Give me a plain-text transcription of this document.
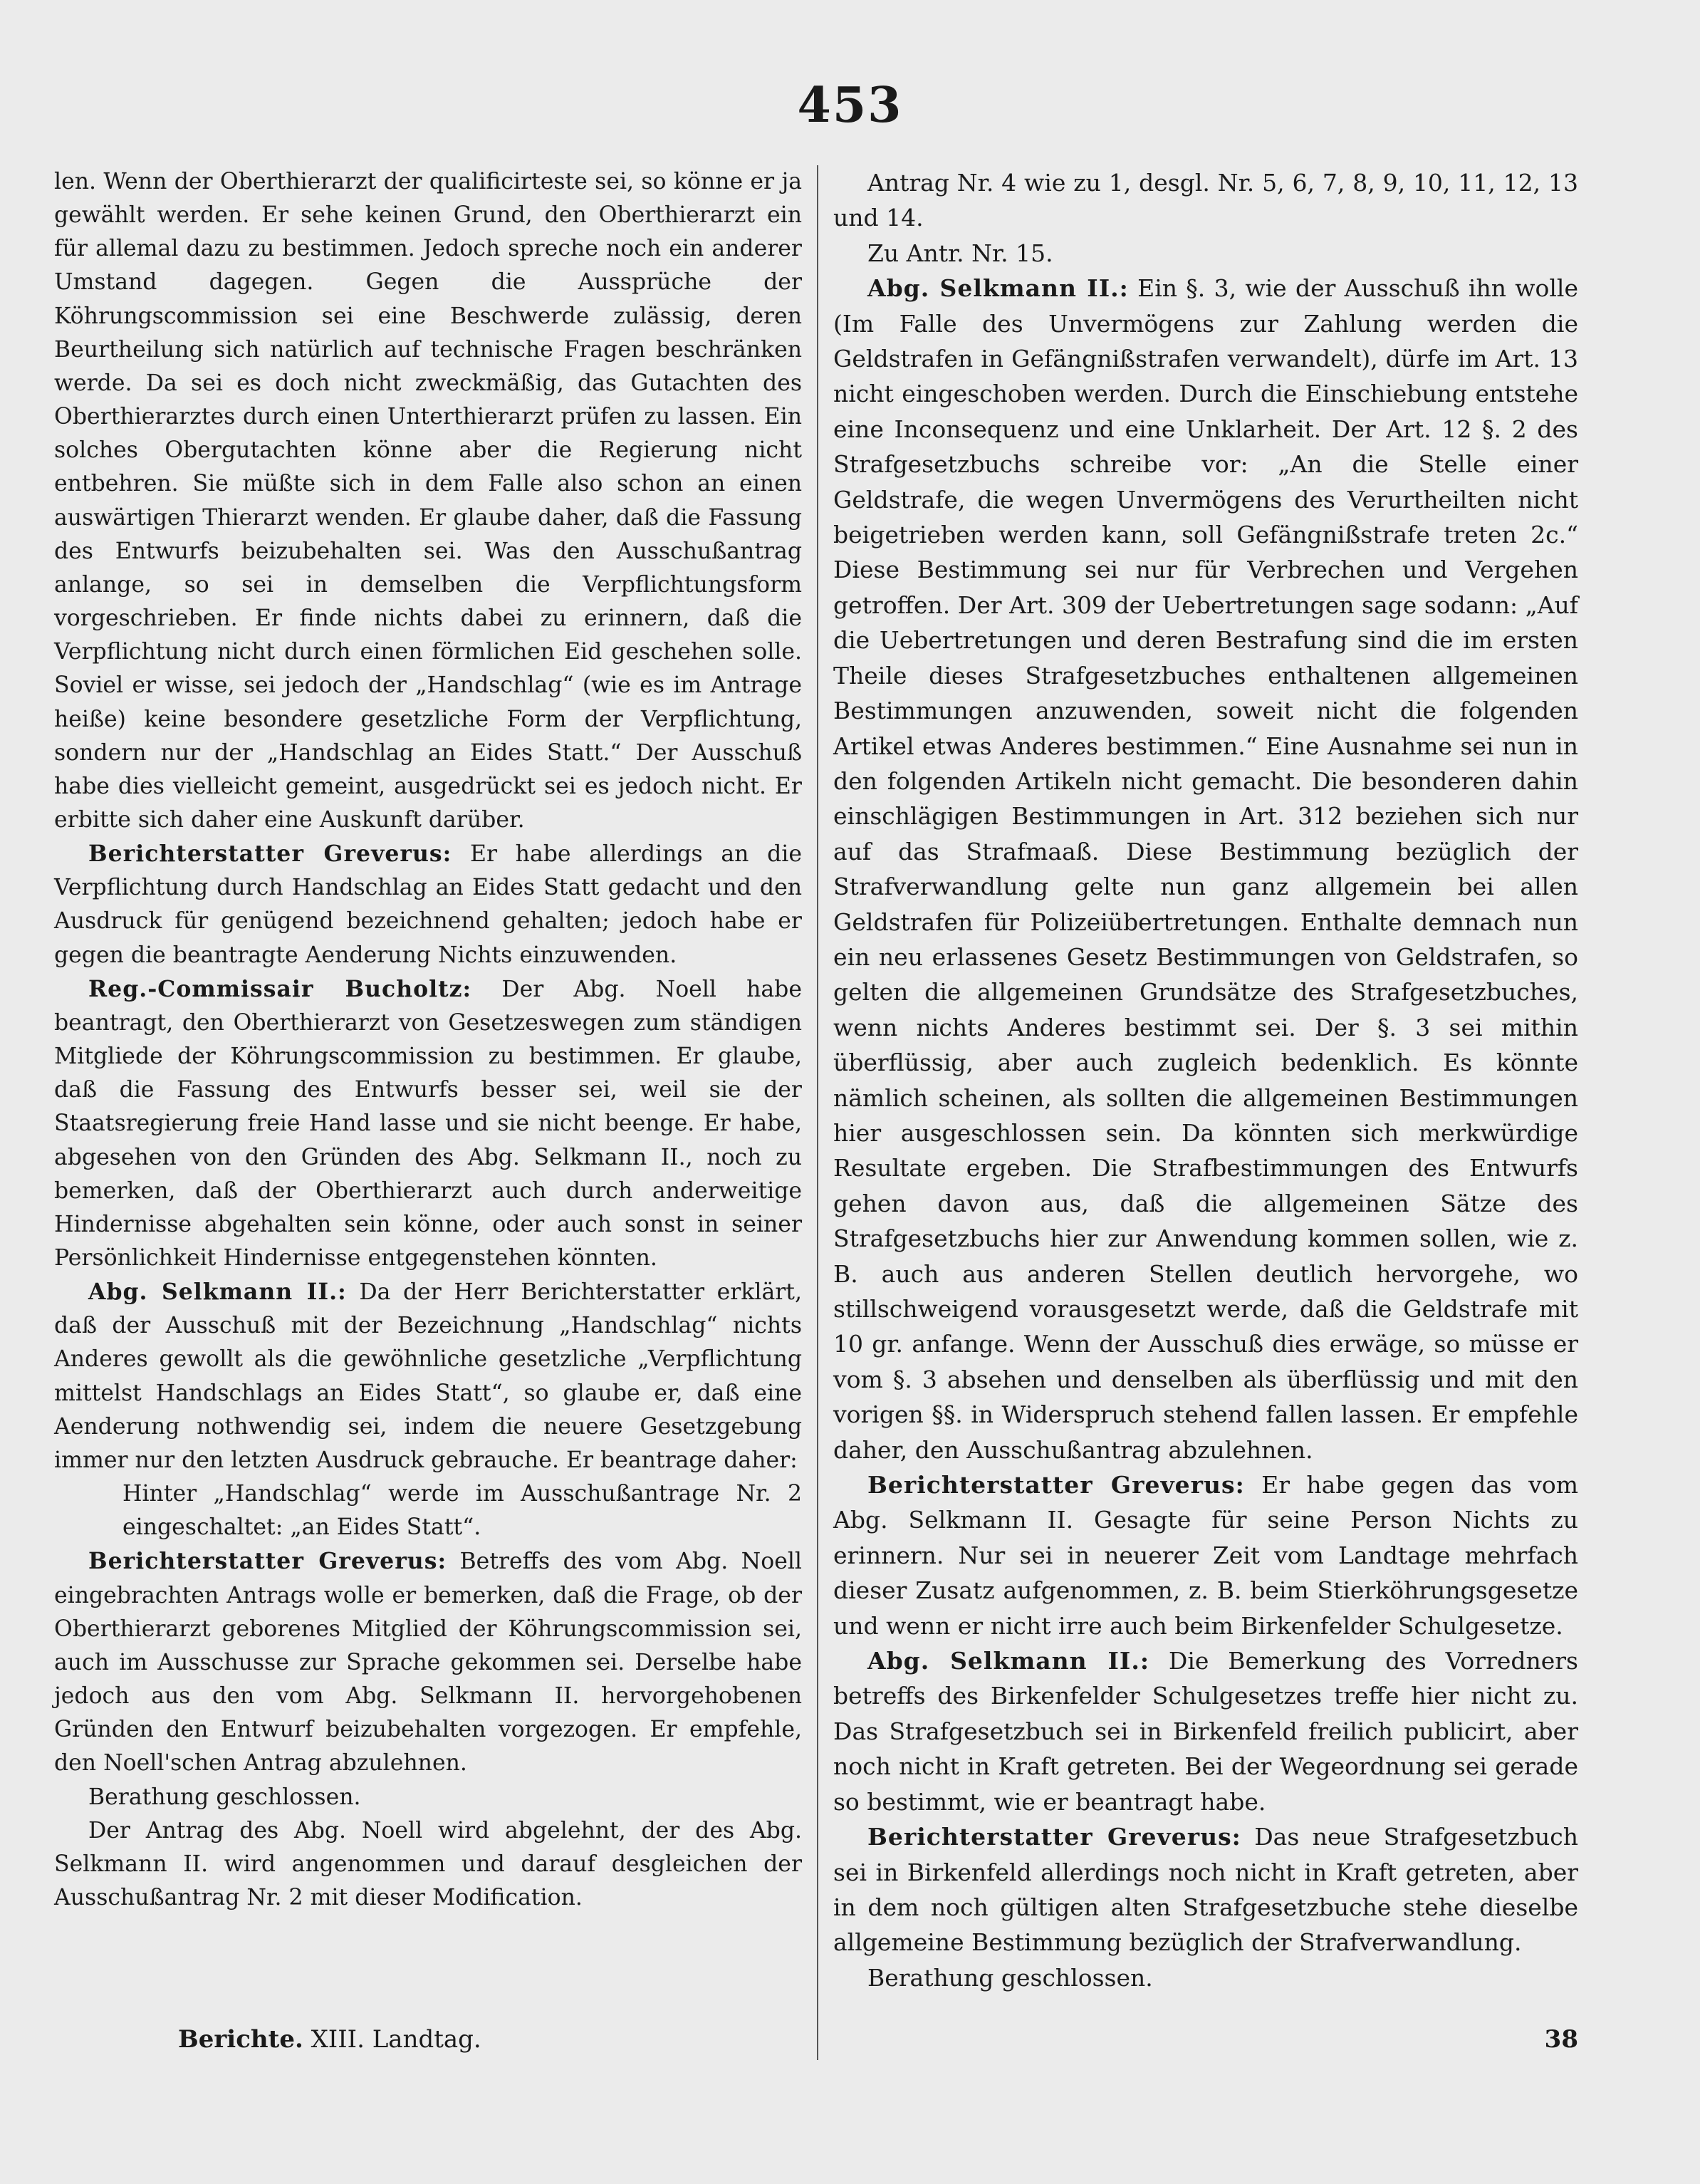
453

len. Wenn der Oberthierarzt der qualificirteste sei, so könne er ja gewählt werden. Er sehe keinen Grund, den Oberthierarzt ein für allemal dazu zu bestimmen. Jedoch spreche noch ein anderer Umstand dagegen. Gegen die Aussprüche der Köhrungscommission sei eine Beschwerde zulässig, deren Beurtheilung sich natürlich auf technische Fragen beschränken werde. Da sei es doch nicht zweckmäßig, das Gutachten des Oberthierarztes durch einen Unterthierarzt prüfen zu lassen. Ein solches Obergutachten könne aber die Regierung nicht entbehren. Sie müßte sich in dem Falle also schon an einen auswärtigen Thierarzt wenden. Er glaube daher, daß die Fassung des Entwurfs beizubehalten sei. Was den Ausschußantrag anlange, so sei in demselben die Verpflichtungsform vorgeschrieben. Er finde nichts dabei zu erinnern, daß die Verpflichtung nicht durch einen förmlichen Eid geschehen solle. Soviel er wisse, sei jedoch der „Handschlag“ (wie es im Antrage heiße) keine besondere gesetzliche Form der Verpflichtung, sondern nur der „Handschlag an Eides Statt.“ Der Ausschuß habe dies vielleicht gemeint, ausgedrückt sei es jedoch nicht. Er erbitte sich daher eine Auskunft darüber.

Berichterstatter Greverus: Er habe allerdings an die Verpflichtung durch Handschlag an Eides Statt gedacht und den Ausdruck für genügend bezeichnend gehalten; jedoch habe er gegen die beantragte Aenderung Nichts einzuwenden.

Reg.-Commissair Bucholtz: Der Abg. Noell habe beantragt, den Oberthierarzt von Gesetzeswegen zum ständigen Mitgliede der Köhrungscommission zu bestimmen. Er glaube, daß die Fassung des Entwurfs besser sei, weil sie der Staatsregierung freie Hand lasse und sie nicht beenge. Er habe, abgesehen von den Gründen des Abg. Selkmann II., noch zu bemerken, daß der Oberthierarzt auch durch anderweitige Hindernisse abgehalten sein könne, oder auch sonst in seiner Persönlichkeit Hindernisse entgegenstehen könnten.

Abg. Selkmann II.: Da der Herr Berichterstatter erklärt, daß der Ausschuß mit der Bezeichnung „Handschlag“ nichts Anderes gewollt als die gewöhnliche gesetzliche „Verpflichtung mittelst Handschlags an Eides Statt“, so glaube er, daß eine Aenderung nothwendig sei, indem die neuere Gesetzgebung immer nur den letzten Ausdruck gebrauche. Er beantrage daher:

Hinter „Handschlag“ werde im Ausschußantrage Nr. 2 eingeschaltet: „an Eides Statt“.

Berichterstatter Greverus: Betreffs des vom Abg. Noell eingebrachten Antrags wolle er bemerken, daß die Frage, ob der Oberthierarzt geborenes Mitglied der Köhrungscommission sei, auch im Ausschusse zur Sprache gekommen sei. Derselbe habe jedoch aus den vom Abg. Selkmann II. hervorgehobenen Gründen den Entwurf beizubehalten vorgezogen. Er empfehle, den Noell'schen Antrag abzulehnen.

Berathung geschlossen.

Der Antrag des Abg. Noell wird abgelehnt, der des Abg. Selkmann II. wird angenommen und darauf desgleichen der Ausschußantrag Nr. 2 mit dieser Modification.

Antrag Nr. 4 wie zu 1, desgl. Nr. 5, 6, 7, 8, 9, 10, 11, 12, 13 und 14.

Zu Antr. Nr. 15.

Abg. Selkmann II.: Ein §. 3, wie der Ausschuß ihn wolle (Im Falle des Unvermögens zur Zahlung werden die Geldstrafen in Gefängnißstrafen verwandelt), dürfe im Art. 13 nicht eingeschoben werden. Durch die Einschiebung entstehe eine Inconsequenz und eine Unklarheit. Der Art. 12 §. 2 des Strafgesetzbuchs schreibe vor: „An die Stelle einer Geldstrafe, die wegen Unvermögens des Verurtheilten nicht beigetrieben werden kann, soll Gefängnißstrafe treten 2c.“ Diese Bestimmung sei nur für Verbrechen und Vergehen getroffen. Der Art. 309 der Uebertretungen sage sodann: „Auf die Uebertretungen und deren Bestrafung sind die im ersten Theile dieses Strafgesetzbuches enthaltenen allgemeinen Bestimmungen anzuwenden, soweit nicht die folgenden Artikel etwas Anderes bestimmen.“ Eine Ausnahme sei nun in den folgenden Artikeln nicht gemacht. Die besonderen dahin einschlägigen Bestimmungen in Art. 312 beziehen sich nur auf das Strafmaaß. Diese Bestimmung bezüglich der Strafverwandlung gelte nun ganz allgemein bei allen Geldstrafen für Polizeiübertretungen. Enthalte demnach nun ein neu erlassenes Gesetz Bestimmungen von Geldstrafen, so gelten die allgemeinen Grundsätze des Strafgesetzbuches, wenn nichts Anderes bestimmt sei. Der §. 3 sei mithin überflüssig, aber auch zugleich bedenklich. Es könnte nämlich scheinen, als sollten die allgemeinen Bestimmungen hier ausgeschlossen sein. Da könnten sich merkwürdige Resultate ergeben. Die Strafbestimmungen des Entwurfs gehen davon aus, daß die allgemeinen Sätze des Strafgesetzbuchs hier zur Anwendung kommen sollen, wie z. B. auch aus anderen Stellen deutlich hervorgehe, wo stillschweigend vorausgesetzt werde, daß die Geldstrafe mit 10 gr. anfange. Wenn der Ausschuß dies erwäge, so müsse er vom §. 3 absehen und denselben als überflüssig und mit den vorigen §§. in Widerspruch stehend fallen lassen. Er empfehle daher, den Ausschußantrag abzulehnen.

Berichterstatter Greverus: Er habe gegen das vom Abg. Selkmann II. Gesagte für seine Person Nichts zu erinnern. Nur sei in neuerer Zeit vom Landtage mehrfach dieser Zusatz aufgenommen, z. B. beim Stierköhrungsgesetze und wenn er nicht irre auch beim Birkenfelder Schulgesetze.

Abg. Selkmann II.: Die Bemerkung des Vorredners betreffs des Birkenfelder Schulgesetzes treffe hier nicht zu. Das Strafgesetzbuch sei in Birkenfeld freilich publicirt, aber noch nicht in Kraft getreten. Bei der Wegeordnung sei gerade so bestimmt, wie er beantragt habe.

Berichterstatter Greverus: Das neue Strafgesetzbuch sei in Birkenfeld allerdings noch nicht in Kraft getreten, aber in dem noch gültigen alten Strafgesetzbuche stehe dieselbe allgemeine Bestimmung bezüglich der Strafverwandlung.

Berathung geschlossen.

Berichte. XIII. Landtag.	38
